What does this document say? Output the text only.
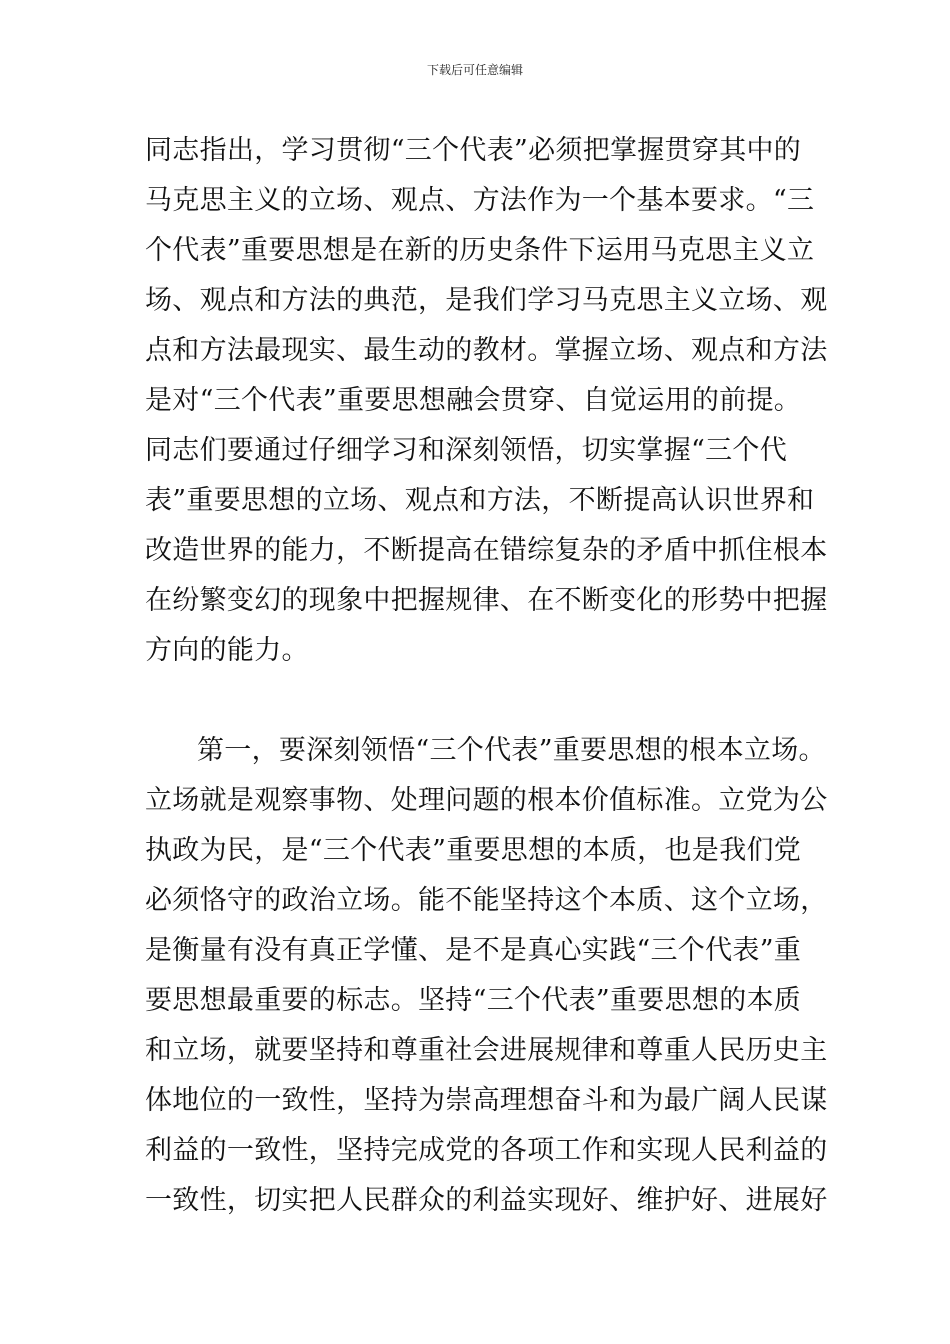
下载后可任意编辑
同志指出，学习贯彻“三个代表”必须把掌握贯穿其中的
马克思主义的立场、观点、方法作为一个基本要求。“三
个代表”重要思想是在新的历史条件下运用马克思主义立
场、观点和方法的典范，是我们学习马克思主义立场、观
点和方法最现实、最生动的教材。掌握立场、观点和方法
是对“三个代表”重要思想融会贯穿、自觉运用的前提。
同志们要通过仔细学习和深刻领悟，切实掌握“三个代
表”重要思想的立场、观点和方法，不断提高认识世界和
改造世界的能力，不断提高在错综复杂的矛盾中抓住根本
在纷繁变幻的现象中把握规律、在不断变化的形势中把握
方向的能力。
第一，要深刻领悟“三个代表”重要思想的根本立场。
立场就是观察事物、处理问题的根本价值标准。立党为公
执政为民，是“三个代表”重要思想的本质，也是我们党
必须恪守的政治立场。能不能坚持这个本质、这个立场，
是衡量有没有真正学懂、是不是真心实践“三个代表”重
要思想最重要的标志。坚持“三个代表”重要思想的本质
和立场，就要坚持和尊重社会进展规律和尊重人民历史主
体地位的一致性，坚持为崇高理想奋斗和为最广阔人民谋
利益的一致性，坚持完成党的各项工作和实现人民利益的
一致性，切实把人民群众的利益实现好、维护好、进展好
